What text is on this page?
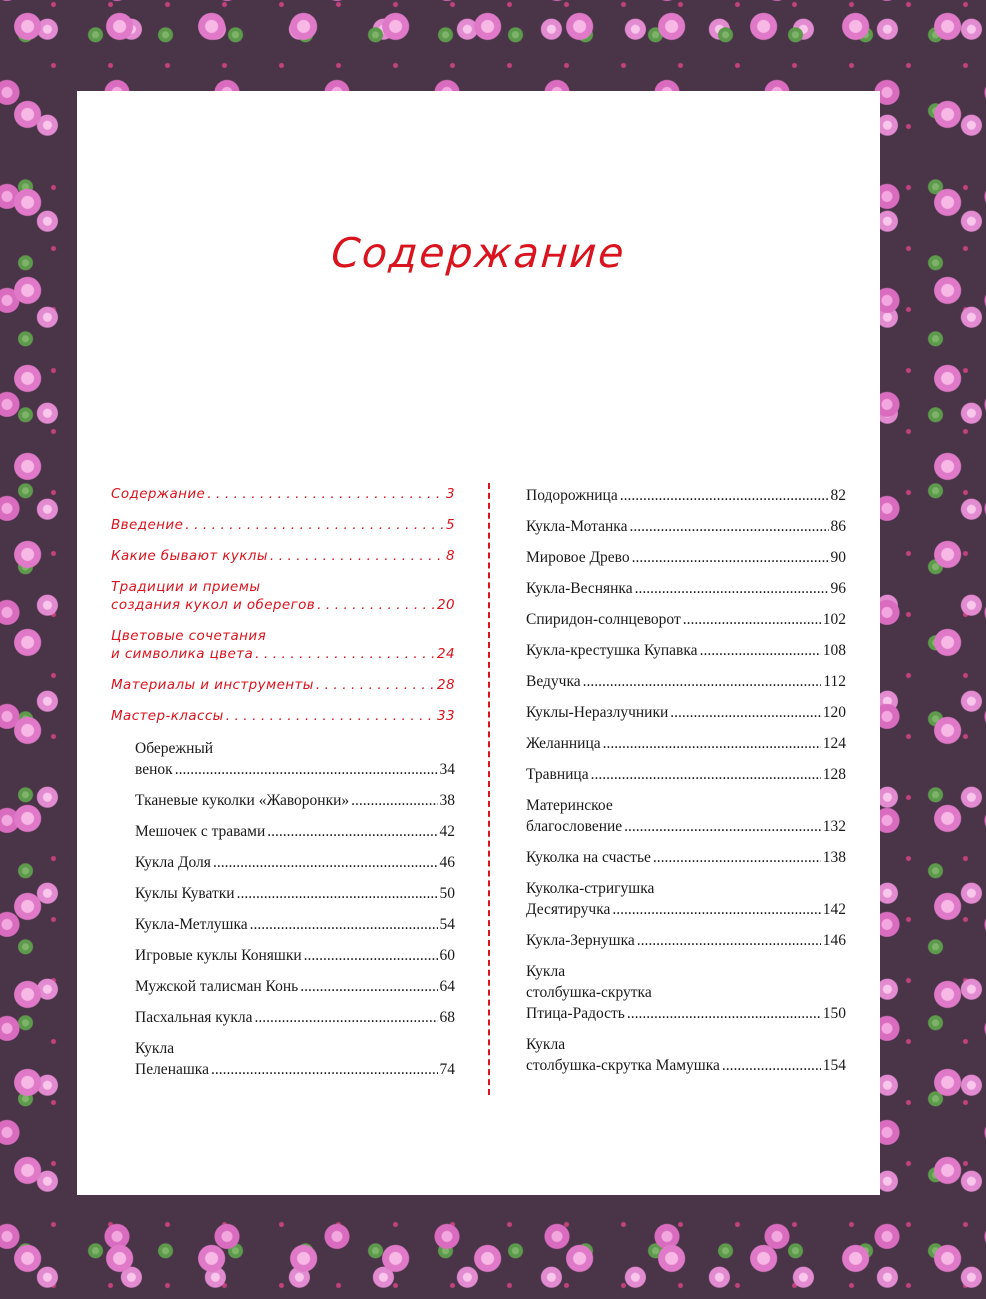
Содержание
Содержание .....	3
Введение .....	5
Какие бывают куклы .....	8
Традиции и приемы
создания кукол и оберегов .....	20
Цветовые сочетания
и символика цвета .....	24
Материалы и инструменты .....	28
Мастер-классы .....	33
Обережный
венок .....	34
Тканевые куколки «Жаворонки» .....	38
Мешочек с травами .....	42
Кукла Доля .....	46
Куклы Куватки .....	50
Кукла-Метлушка .....	54
Игровые куклы Коняшки .....	60
Мужской талисман Конь .....	64
Пасхальная кукла .....	68
Кукла
Пеленашка .....	74
Подорожница .....	82
Кукла-Мотанка .....	86
Мировое Древо .....	90
Кукла-Веснянка .....	96
Спиридон-солнцеворот .....	102
Кукла-крестушка Купавка .....	108
Ведучка .....	112
Куклы-Неразлучники .....	120
Желанница .....	124
Травница .....	128
Материнское
благословение .....	132
Куколка на счастье .....	138
Куколка-стригушка
Десятиручка .....	142
Кукла-Зернушка .....	146
Кукла
столбушка-скрутка
Птица-Радость .....	150
Кукла
столбушка-скрутка Мамушка .....	154
